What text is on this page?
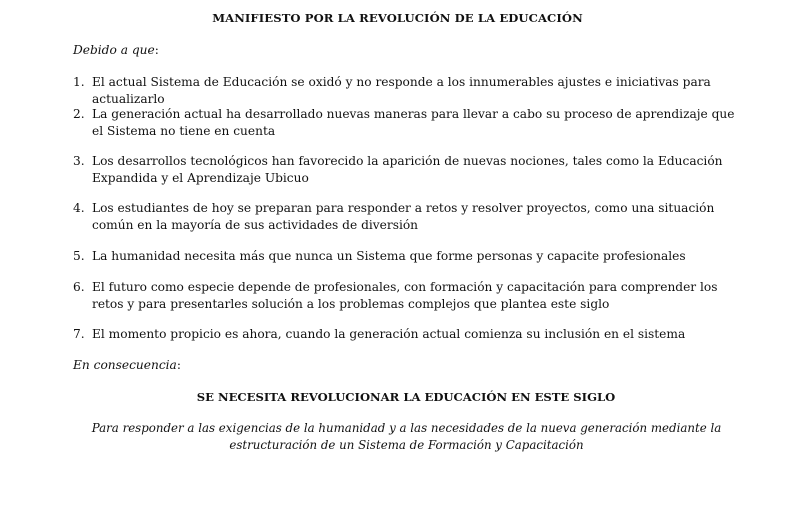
MANIFIESTO POR LA REVOLUCIÓN DE LA EDUCACIÓN
Debido a que:
1. El actual Sistema de Educación se oxidó y no responde a los innumerables ajustes e iniciativas para actualizarlo
2. La generación actual ha desarrollado nuevas maneras para llevar a cabo su proceso de aprendizaje que el Sistema no tiene en cuenta
3. Los desarrollos tecnológicos han favorecido la aparición de nuevas nociones, tales como la Educación Expandida y el Aprendizaje Ubicuo
4. Los estudiantes de hoy se preparan para responder a retos y resolver proyectos, como una situación común en la mayoría de sus actividades de diversión
5. La humanidad necesita más que nunca un Sistema que forme personas y capacite profesionales
6. El futuro como especie depende de profesionales, con formación y capacitación para comprender los retos y para presentarles solución a los problemas complejos que plantea este siglo
7. El momento propicio es ahora, cuando la generación actual comienza su inclusión en el sistema
En consecuencia:
SE NECESITA REVOLUCIONAR LA EDUCACIÓN EN ESTE SIGLO
Para responder a las exigencias de la humanidad y a las necesidades de la nueva generación mediante la estructuración de un Sistema de Formación y Capacitación
